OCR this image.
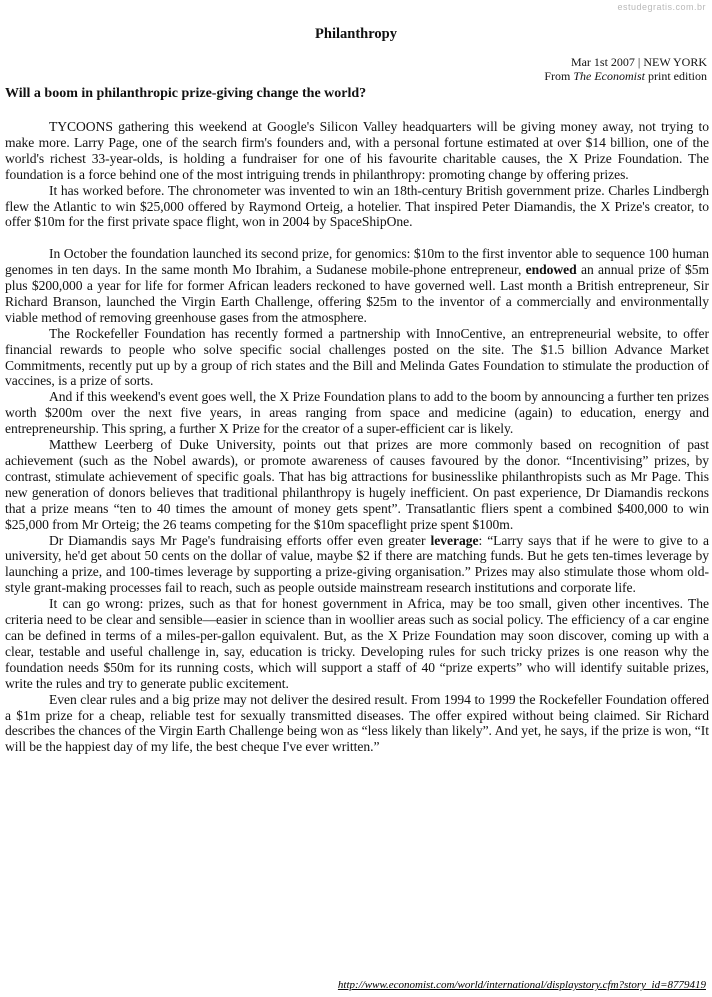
estudegratis.com.br
Philanthropy
Mar 1st 2007 | NEW YORK
From The Economist print edition
Will a boom in philanthropic prize-giving change the world?

TYCOONS gathering this weekend at Google's Silicon Valley headquarters will be giving money away, not trying to make more. Larry Page, one of the search firm's founders and, with a personal fortune estimated at over $14 billion, one of the world's richest 33-year-olds, is holding a fundraiser for one of his favourite charitable causes, the X Prize Foundation. The foundation is a force behind one of the most intriguing trends in philanthropy: promoting change by offering prizes.

It has worked before. The chronometer was invented to win an 18th-century British government prize. Charles Lindbergh flew the Atlantic to win $25,000 offered by Raymond Orteig, a hotelier. That inspired Peter Diamandis, the X Prize's creator, to offer $10m for the first private space flight, won in 2004 by SpaceShipOne.

In October the foundation launched its second prize, for genomics: $10m to the first inventor able to sequence 100 human genomes in ten days. In the same month Mo Ibrahim, a Sudanese mobile-phone entrepreneur, endowed an annual prize of $5m plus $200,000 a year for life for former African leaders reckoned to have governed well. Last month a British entrepreneur, Sir Richard Branson, launched the Virgin Earth Challenge, offering $25m to the inventor of a commercially and environmentally viable method of removing greenhouse gases from the atmosphere.

The Rockefeller Foundation has recently formed a partnership with InnoCentive, an entrepreneurial website, to offer financial rewards to people who solve specific social challenges posted on the site. The $1.5 billion Advance Market Commitments, recently put up by a group of rich states and the Bill and Melinda Gates Foundation to stimulate the production of vaccines, is a prize of sorts.

And if this weekend's event goes well, the X Prize Foundation plans to add to the boom by announcing a further ten prizes worth $200m over the next five years, in areas ranging from space and medicine (again) to education, energy and entrepreneurship. This spring, a further X Prize for the creator of a super-efficient car is likely.

Matthew Leerberg of Duke University, points out that prizes are more commonly based on recognition of past achievement (such as the Nobel awards), or promote awareness of causes favoured by the donor. “Incentivising” prizes, by contrast, stimulate achievement of specific goals. That has big attractions for businesslike philanthropists such as Mr Page. This new generation of donors believes that traditional philanthropy is hugely inefficient. On past experience, Dr Diamandis reckons that a prize means “ten to 40 times the amount of money gets spent”. Transatlantic fliers spent a combined $400,000 to win $25,000 from Mr Orteig; the 26 teams competing for the $10m spaceflight prize spent $100m.

Dr Diamandis says Mr Page's fundraising efforts offer even greater leverage: “Larry says that if he were to give to a university, he'd get about 50 cents on the dollar of value, maybe $2 if there are matching funds. But he gets ten-times leverage by launching a prize, and 100-times leverage by supporting a prize-giving organisation.” Prizes may also stimulate those whom old-style grant-making processes fail to reach, such as people outside mainstream research institutions and corporate life.

It can go wrong: prizes, such as that for honest government in Africa, may be too small, given other incentives. The criteria need to be clear and sensible—easier in science than in woollier areas such as social policy. The efficiency of a car engine can be defined in terms of a miles-per-gallon equivalent. But, as the X Prize Foundation may soon discover, coming up with a clear, testable and useful challenge in, say, education is tricky. Developing rules for such tricky prizes is one reason why the foundation needs $50m for its running costs, which will support a staff of 40 “prize experts” who will identify suitable prizes, write the rules and try to generate public excitement.

Even clear rules and a big prize may not deliver the desired result. From 1994 to 1999 the Rockefeller Foundation offered a $1m prize for a cheap, reliable test for sexually transmitted diseases. The offer expired without being claimed. Sir Richard describes the chances of the Virgin Earth Challenge being won as “less likely than likely”. And yet, he says, if the prize is won, “It will be the happiest day of my life, the best cheque I've ever written.”

http://www.economist.com/world/international/displaystory.cfm?story_id=8779419
